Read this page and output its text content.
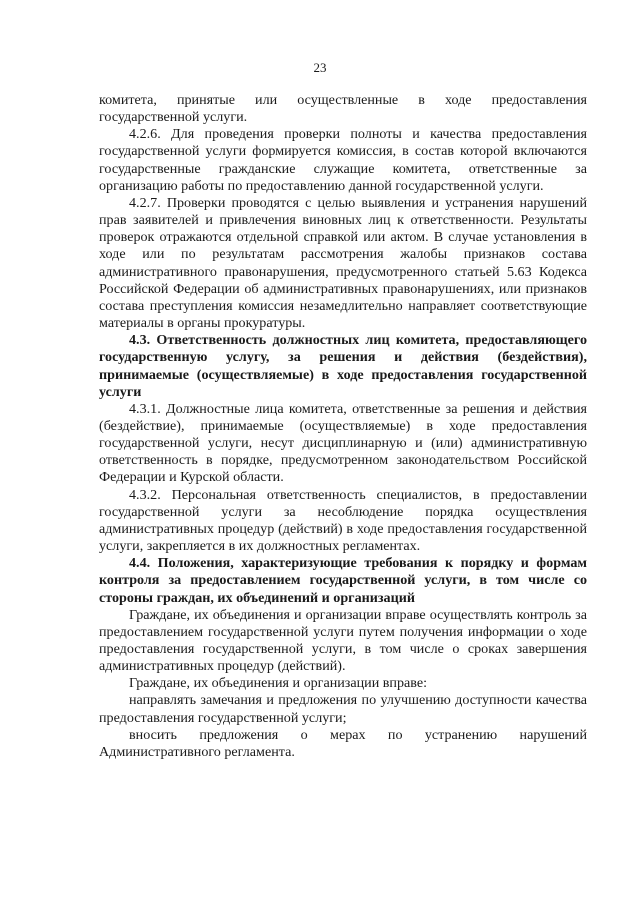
23

комитета, принятые или осуществленные в ходе предоставления государственной услуги.

4.2.6. Для проведения проверки полноты и качества предоставления государственной услуги формируется комиссия, в состав которой включаются государственные гражданские служащие комитета, ответственные за организацию работы по предоставлению данной государственной услуги.

4.2.7. Проверки проводятся с целью выявления и устранения нарушений прав заявителей и привлечения виновных лиц к ответственности. Результаты проверок отражаются отдельной справкой или актом. В случае установления в ходе или по результатам рассмотрения жалобы признаков состава административного правонарушения, предусмотренного статьей 5.63 Кодекса Российской Федерации об административных правонарушениях, или признаков состава преступления комиссия незамедлительно направляет соответствующие материалы в органы прокуратуры.

4.3. Ответственность должностных лиц комитета, предоставляющего государственную услугу, за решения и действия (бездействия), принимаемые (осуществляемые) в ходе предоставления государственной услуги

4.3.1. Должностные лица комитета, ответственные за решения и действия (бездействие), принимаемые (осуществляемые) в ходе предоставления государственной услуги, несут дисциплинарную и (или) административную ответственность в порядке, предусмотренном законодательством Российской Федерации и Курской области.

4.3.2. Персональная ответственность специалистов, в предоставлении государственной услуги за несоблюдение порядка осуществления административных процедур (действий) в ходе предоставления государственной услуги, закрепляется в их должностных регламентах.

4.4. Положения, характеризующие требования к порядку и формам контроля за предоставлением государственной услуги, в том числе со стороны граждан, их объединений и организаций

Граждане, их объединения и организации вправе осуществлять контроль за предоставлением государственной услуги путем получения информации о ходе предоставления государственной услуги, в том числе о сроках завершения административных процедур (действий).

Граждане, их объединения и организации вправе:

направлять замечания и предложения по улучшению доступности качества предоставления государственной услуги;

вносить предложения о мерах по устранению нарушений Административного регламента.
